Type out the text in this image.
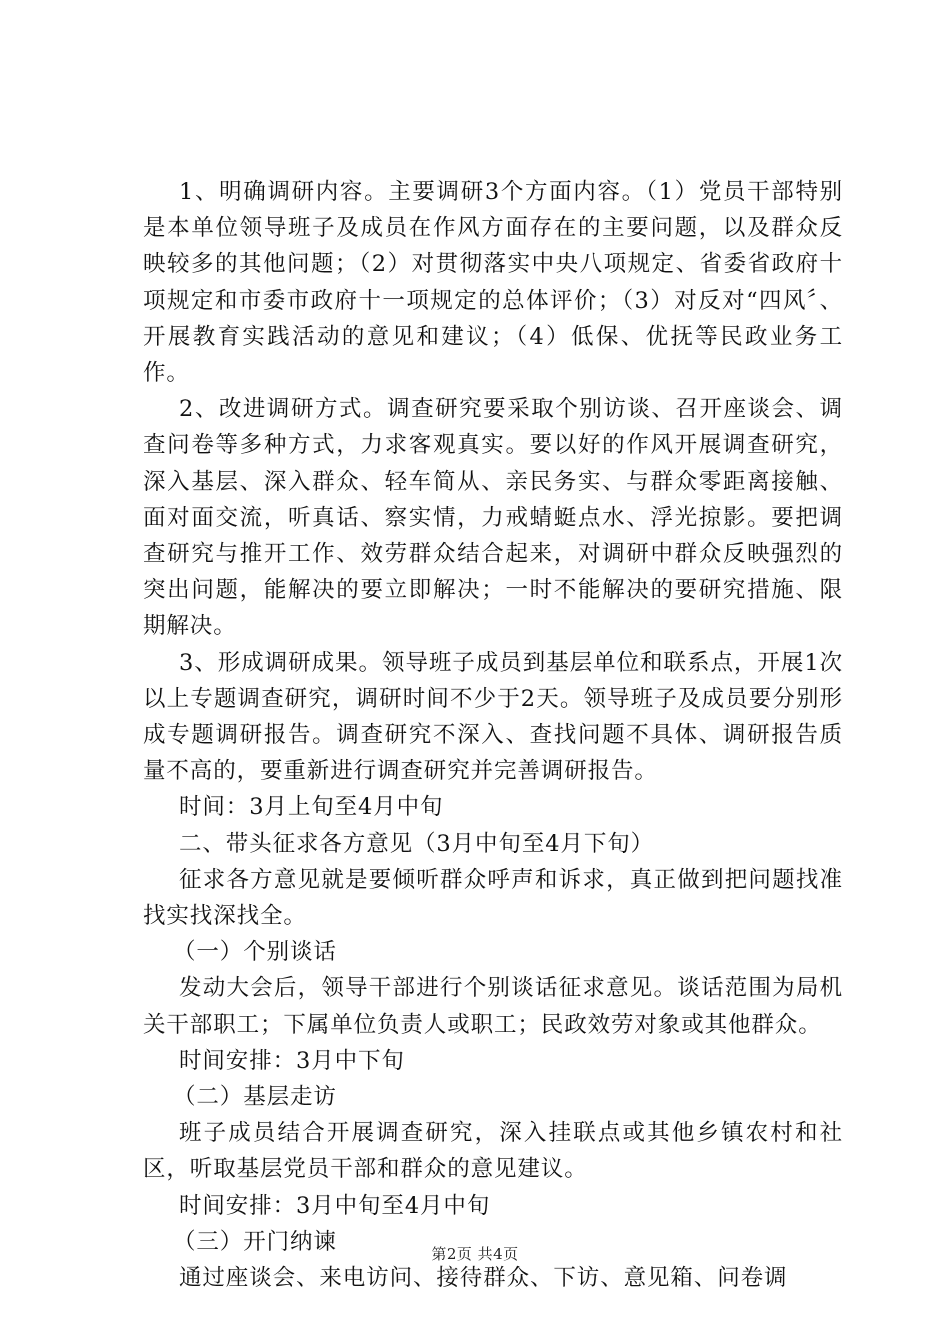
1、明确调研内容。主要调研3个方面内容。（1）党员干部特别是本单位领导班子及成员在作风方面存在的主要问题，以及群众反映较多的其他问题；（2）对贯彻落实中央八项规定、省委省政府十项规定和市委市政府十一项规定的总体评价；（3）对反对“四风〞、开展教育实践活动的意见和建议；（4）低保、优抚等民政业务工作。

2、改进调研方式。调查研究要采取个别访谈、召开座谈会、调查问卷等多种方式，力求客观真实。要以好的作风开展调查研究，深入基层、深入群众、轻车简从、亲民务实、与群众零距离接触、面对面交流，听真话、察实情，力戒蜻蜓点水、浮光掠影。要把调查研究与推开工作、效劳群众结合起来，对调研中群众反映强烈的突出问题，能解决的要立即解决；一时不能解决的要研究措施、限期解决。

3、形成调研成果。领导班子成员到基层单位和联系点，开展1次以上专题调查研究，调研时间不少于2天。领导班子及成员要分别形成专题调研报告。调查研究不深入、查找问题不具体、调研报告质量不高的，要重新进行调查研究并完善调研报告。

时间：3月上旬至4月中旬

二、带头征求各方意见（3月中旬至4月下旬）

征求各方意见就是要倾听群众呼声和诉求，真正做到把问题找准找实找深找全。

（一）个别谈话

发动大会后，领导干部进行个别谈话征求意见。谈话范围为局机关干部职工；下属单位负责人或职工；民政效劳对象或其他群众。

时间安排：3月中下旬

（二）基层走访

班子成员结合开展调查研究，深入挂联点或其他乡镇农村和社区，听取基层党员干部和群众的意见建议。

时间安排：3月中旬至4月中旬

（三）开门纳谏

通过座谈会、来电访问、接待群众、下访、意见箱、问卷调

第2页 共4页
